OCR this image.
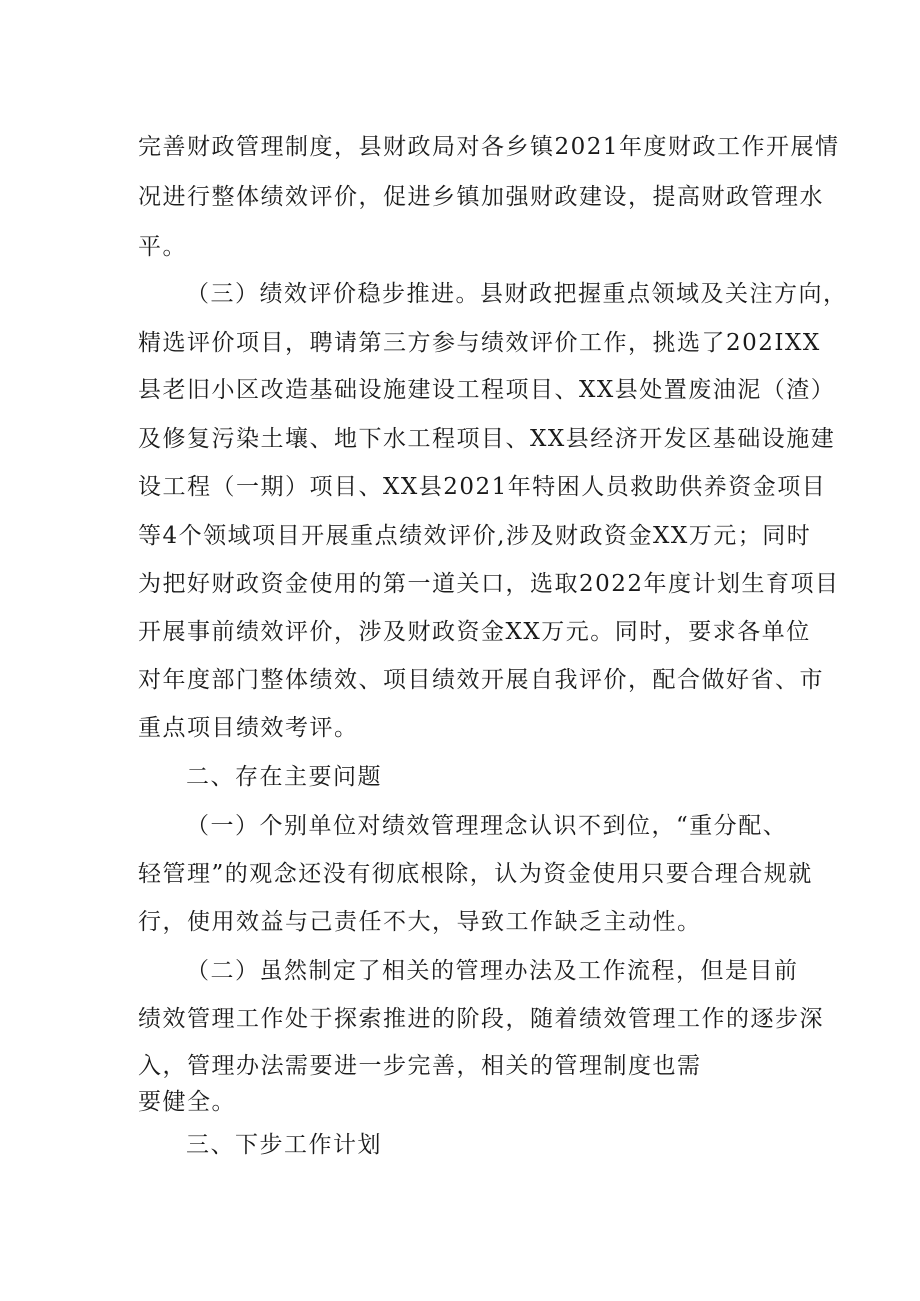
完善财政管理制度，县财政局对各乡镇2021年度财政工作开展情
况进行整体绩效评价，促进乡镇加强财政建设，提高财政管理水
平。
（三）绩效评价稳步推进。县财政把握重点领域及关注方向，
精选评价项目，聘请第三方参与绩效评价工作，挑选了202IXX
县老旧小区改造基础设施建设工程项目、XX县处置废油泥（渣）
及修复污染土壤、地下水工程项目、XX县经济开发区基础设施建
设工程（一期）项目、XX县2021年特困人员救助供养资金项目
等4个领域项目开展重点绩效评价,涉及财政资金XX万元；同时
为把好财政资金使用的第一道关口，选取2022年度计划生育项目
开展事前绩效评价，涉及财政资金XX万元。同时，要求各单位
对年度部门整体绩效、项目绩效开展自我评价，配合做好省、市
重点项目绩效考评。
二、存在主要问题
（一）个别单位对绩效管理理念认识不到位，“重分配、
轻管理”的观念还没有彻底根除，认为资金使用只要合理合规就
行，使用效益与己责任不大，导致工作缺乏主动性。
（二）虽然制定了相关的管理办法及工作流程，但是目前
绩效管理工作处于探索推进的阶段，随着绩效管理工作的逐步深
入，管理办法需要进一步完善，相关的管理制度也需
要健全。
三、下步工作计划
